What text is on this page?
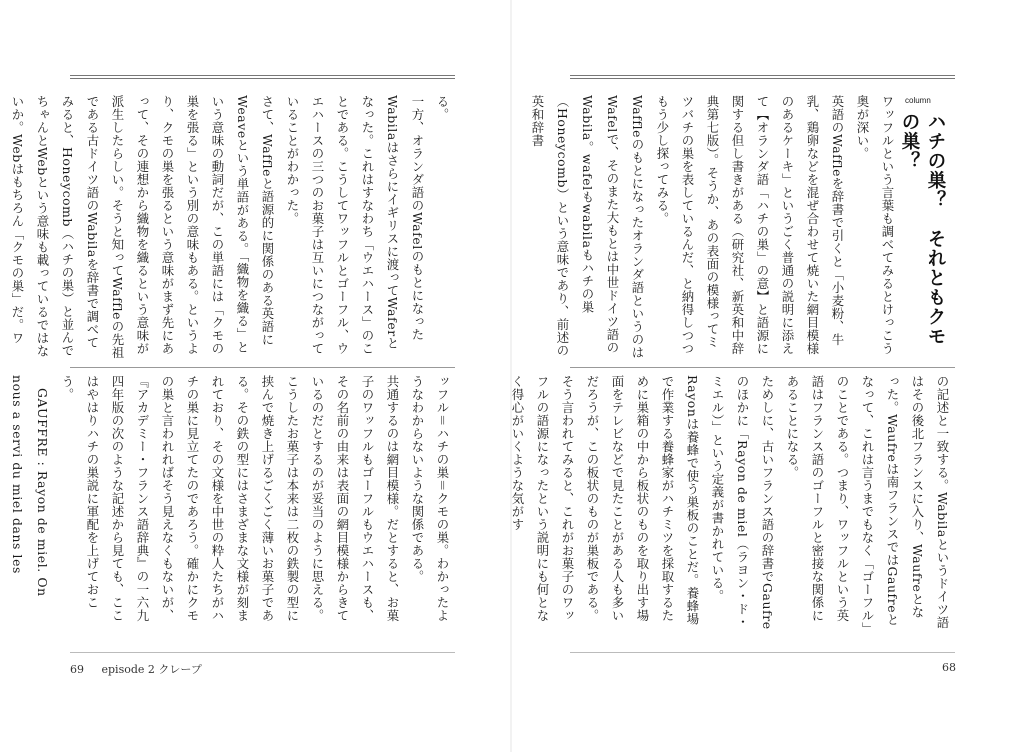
る。
一方、オランダ語のWafelのもとになったWabilaはさらにイギリスに渡ってWaferとなった。これはすなわち「ウエハース」のことである。こうしてワッフルとゴーフル、ウエハースの三つのお菓子は互いにつながっていることがわかった。
さて、Waffleと語源的に関係のある英語にWeaveという単語がある。「織物を織る」という意味の動詞だが、この単語には「クモの巣を張る」という別の意味もある。というより、クモの巣を張るという意味がまず先にあって、その連想から織物を織るという意味が派生したらしい。そうと知ってWaffleの先祖である古ドイツ語のWabilaを辞書で調べてみると、Honeycomb（ハチの巣）と並んでちゃんとWebという意味も載っているではないか。Webはもちろん「クモの巣」だ。ワ
ッフル＝ハチの巣＝クモの巣。わかったようなわからないような関係である。
共通するのは網目模様。だとすると、お菓子のワッフルもゴーフルもウエハースも、その名前の由来は表面の網目模様からきているのだとするのが妥当のように思える。こうしたお菓子は本来は二枚の鉄製の型に挟んで焼き上げるごくごく薄いお菓子である。その鉄の型にはさまざまな文様が刻まれており、その文様を中世の粋人たちがハチの巣に見立てたのであろう。確かにクモの巣と言われればそう見えなくもないが、『アカデミー・フランス語辞典』の一六九四年版の次のような記述から見ても、ここはやはりハチの巣説に軍配を上げておこう。
　GAUFFRE : Rayon de miel. On nous a servi du miel dans les
69 episode 2 クレープ
column
ハチの巣？　それともクモの巣？
ワッフルという言葉も調べてみるとけっこう奥が深い。
英語のWaffleを辞書で引くと「小麦粉、牛乳、鶏卵などを混ぜ合わせて焼いた網目模様のあるケーキ」というごく普通の説明に添えて【オランダ語「ハチの巣」の意】と語源に関する但し書きがある（研究社、新英和中辞典第七版）。そうか、あの表面の模様ってミツバチの巣を表しているんだ、と納得しつつもう少し探ってみる。
Waffleのもとになったオランダ語というのはWafelで、そのまた大もとは中世ドイツ語のWabila。wafelもwabilaもハチの巣（Honeycomb）という意味であり、前述の英和辞書
の記述と一致する。Wabilaというドイツ語はその後北フランスに入り、Waufreとなった。Waufreは南フランスではGaufreとなって、これは言うまでもなく「ゴーフル」のことである。つまり、ワッフルという英語はフランス語のゴーフルと密接な関係にあることになる。
ためしに、古いフランス語の辞書でGaufreのほかに「Rayon de miel（ラヨン・ド・ミエル）」という定義が書かれている。Rayonは養蜂で使う巣板のことだ。養蜂場で作業する養蜂家がハチミツを採取するために巣箱の中から板状のものを取り出す場面をテレビなどで見たことがある人も多いだろうが、この板状のものが巣板である。そう言われてみると、これがお菓子のワッフルの語源になったという説明にも何となく得心がいくような気がす
68
